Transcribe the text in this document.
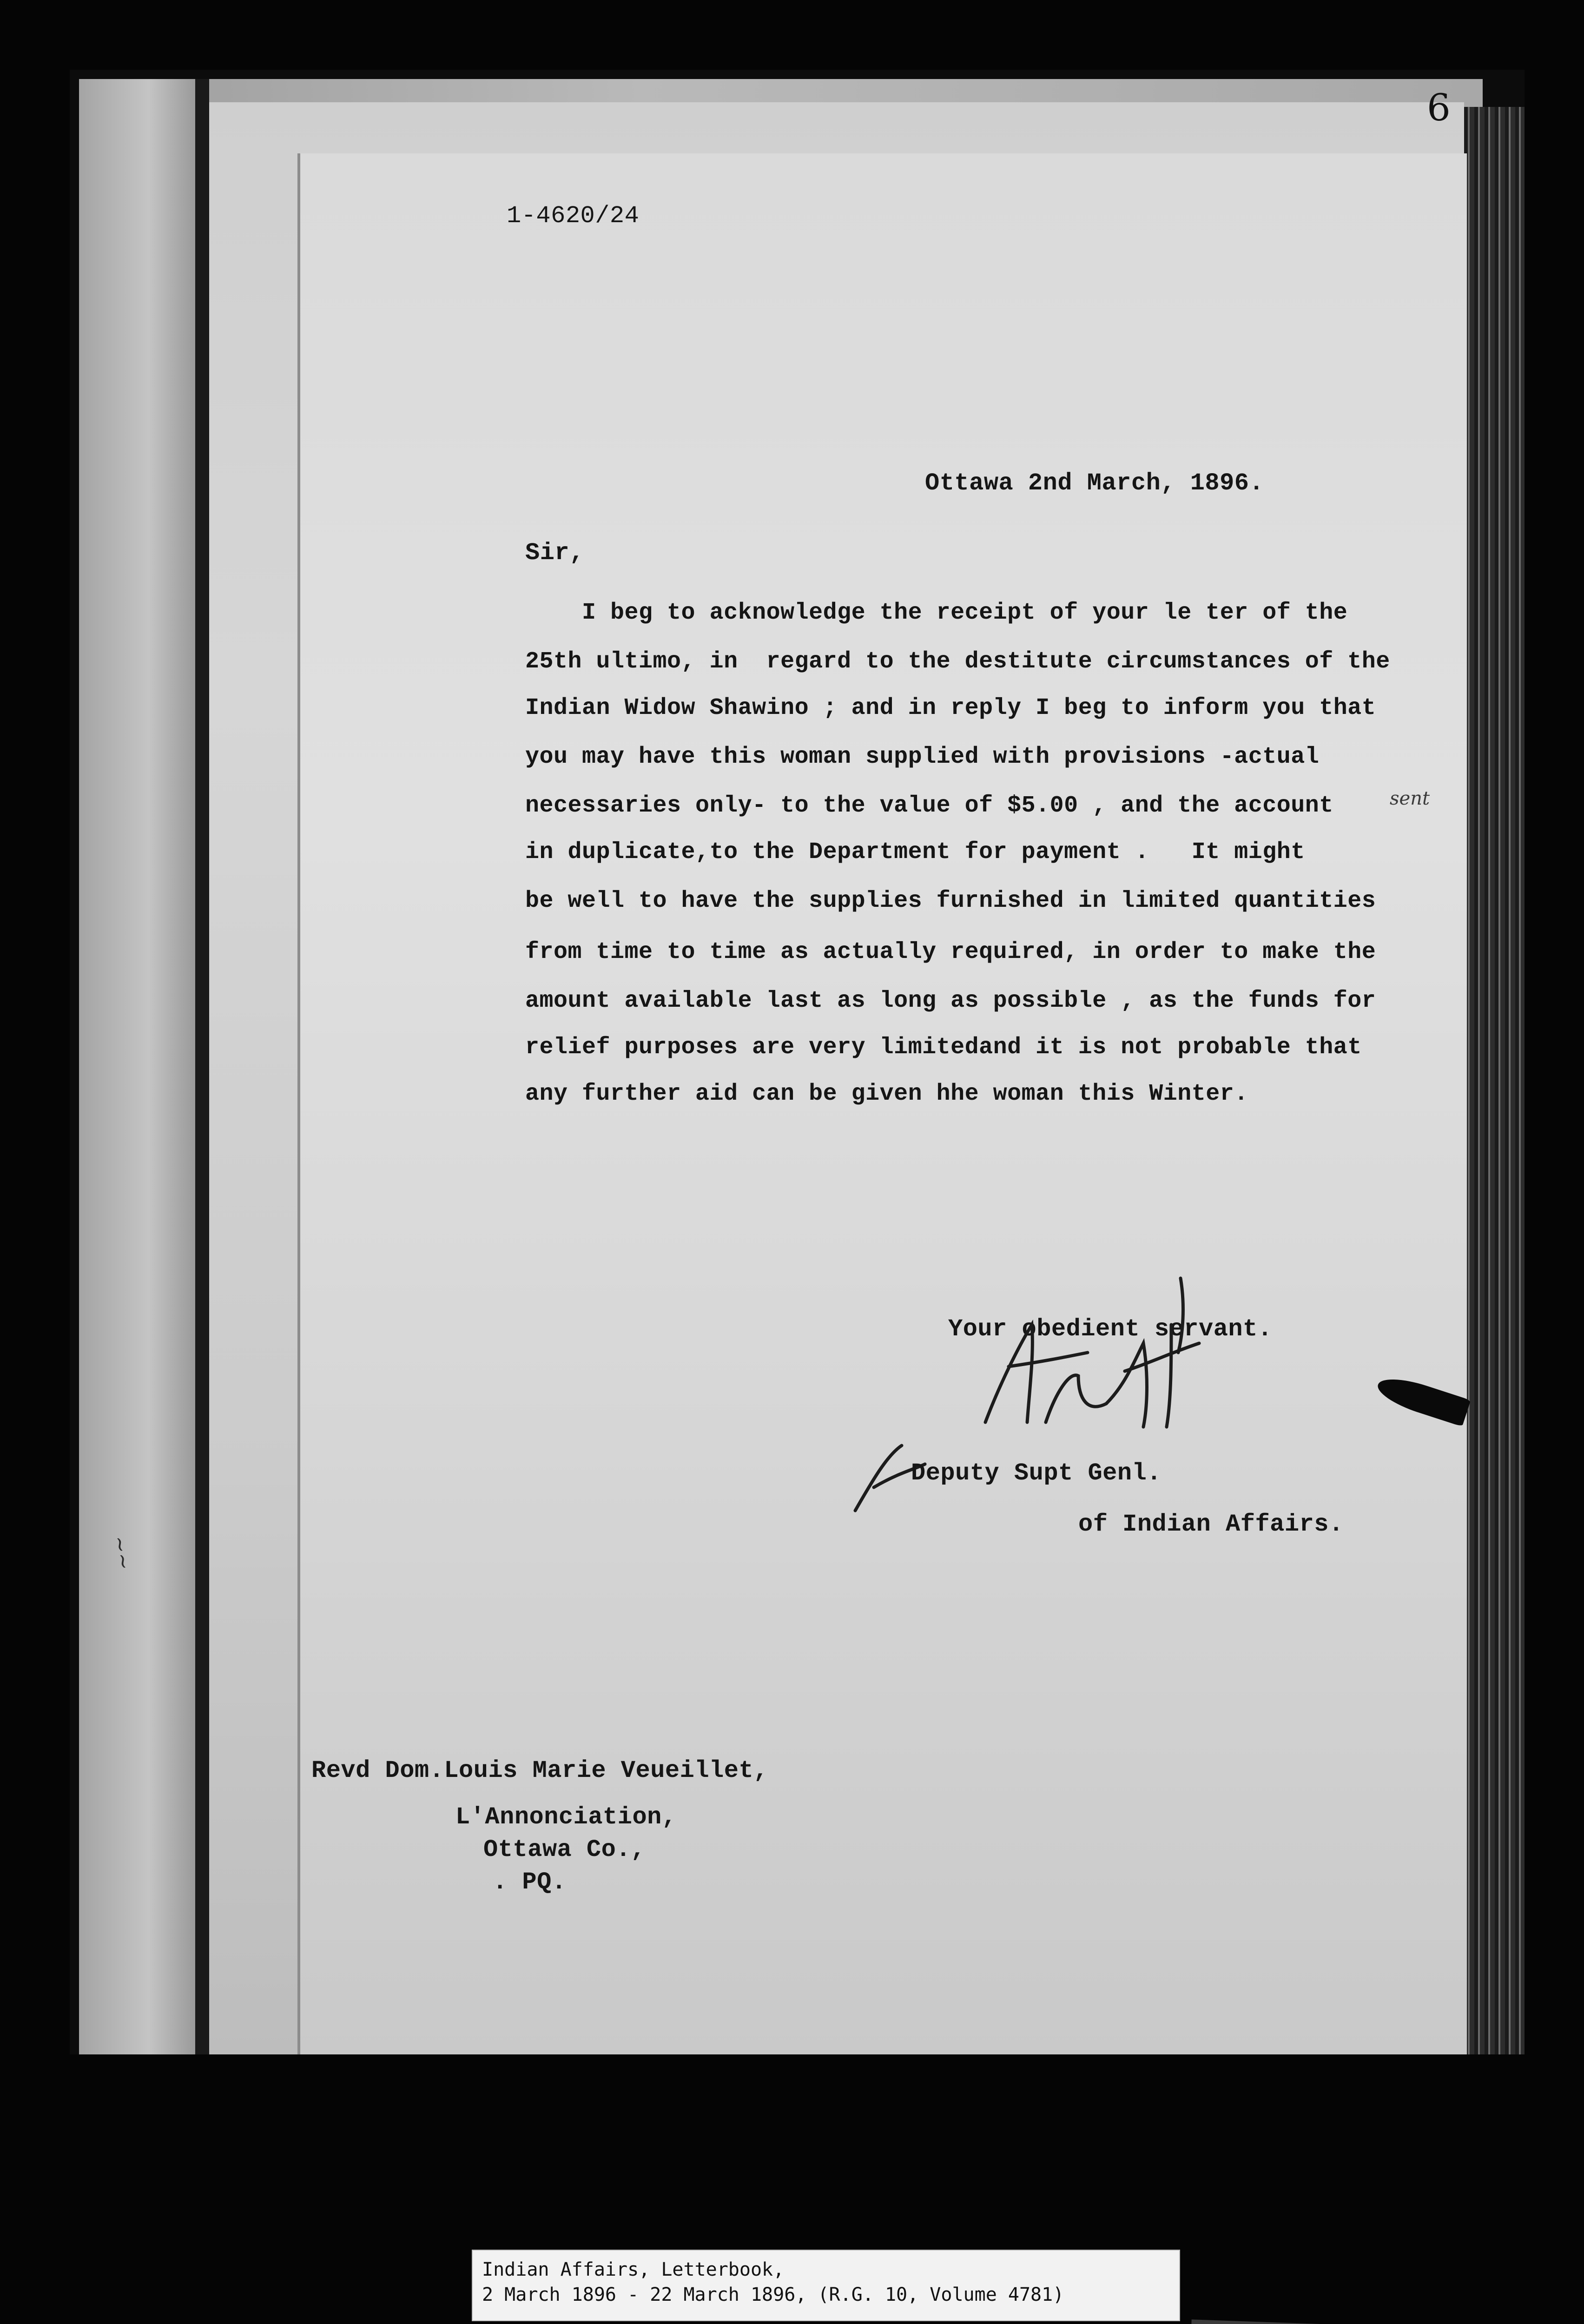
∼∼
6
1-4620/24
Ottawa 2nd March, 1896.
Sir,
I beg to acknowledge the receipt of your le ter of the
25th ultimo, in  regard to the destitute circumstances of the
Indian Widow Shawino ; and in reply I beg to inform you that
you may have this woman supplied with provisions -actual
necessaries only- to the value of $5.00 , and the account
in duplicate,to the Department for payment .   It might
be well to have the supplies furnished in limited quantities
from time to time as actually required, in order to make the
amount available last as long as possible , as the funds for
relief purposes are very limitedand it is not probable that
any further aid can be given hhe woman this Winter.
sent
Your obedient servant.
Deputy Supt Genl.
of Indian Affairs.
Revd Dom.Louis Marie Veueillet,
L'Annonciation,
Ottawa Co.,
. PQ.
Indian Affairs, Letterbook,
2 March 1896 - 22 March 1896, (R.G. 10, Volume 4781)
